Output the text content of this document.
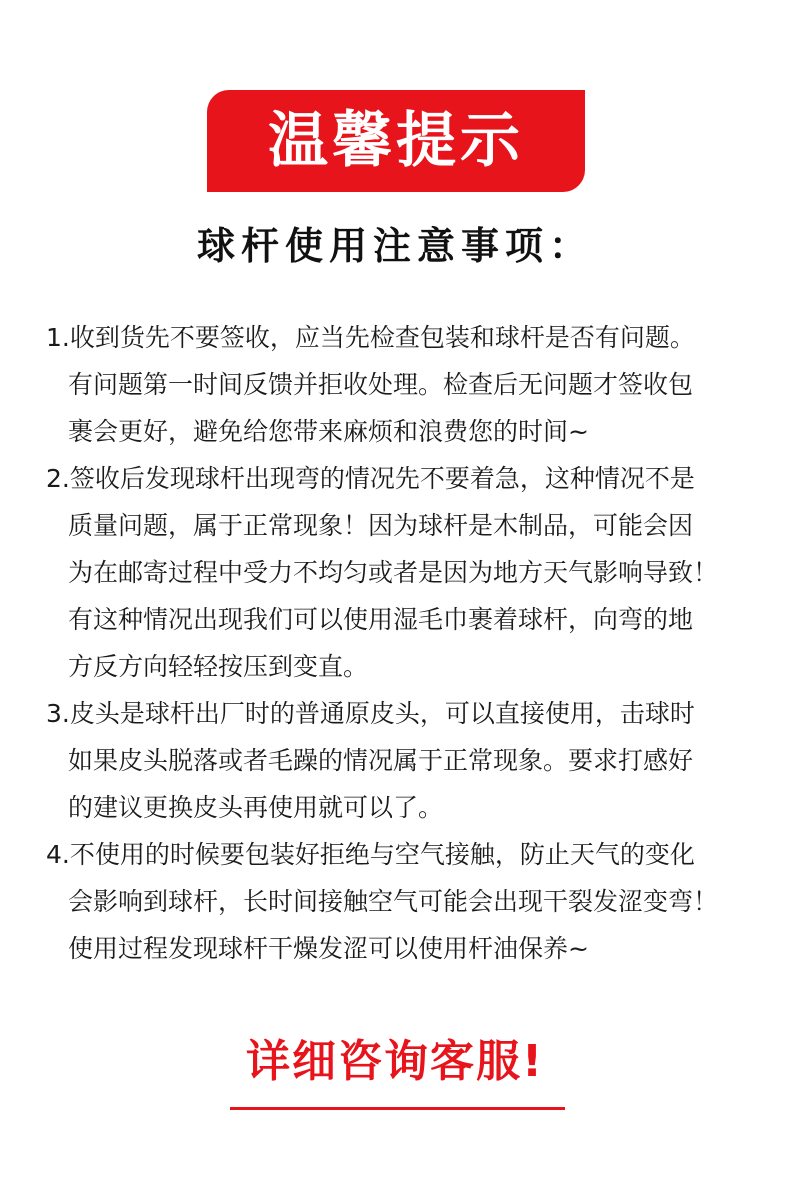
温馨提示
球杆使用注意事项：
1.收到货先不要签收，应当先检查包装和球杆是否有问题。
有问题第一时间反馈并拒收处理。检查后无问题才签收包
裹会更好，避免给您带来麻烦和浪费您的时间~
2.签收后发现球杆出现弯的情况先不要着急，这种情况不是
质量问题，属于正常现象！因为球杆是木制品，可能会因
为在邮寄过程中受力不均匀或者是因为地方天气影响导致！
有这种情况出现我们可以使用湿毛巾裹着球杆，向弯的地
方反方向轻轻按压到变直。
3.皮头是球杆出厂时的普通原皮头，可以直接使用，击球时
如果皮头脱落或者毛躁的情况属于正常现象。要求打感好
的建议更换皮头再使用就可以了。
4.不使用的时候要包装好拒绝与空气接触，防止天气的变化
会影响到球杆，长时间接触空气可能会出现干裂发涩变弯！
使用过程发现球杆干燥发涩可以使用杆油保养~
详细咨询客服!
